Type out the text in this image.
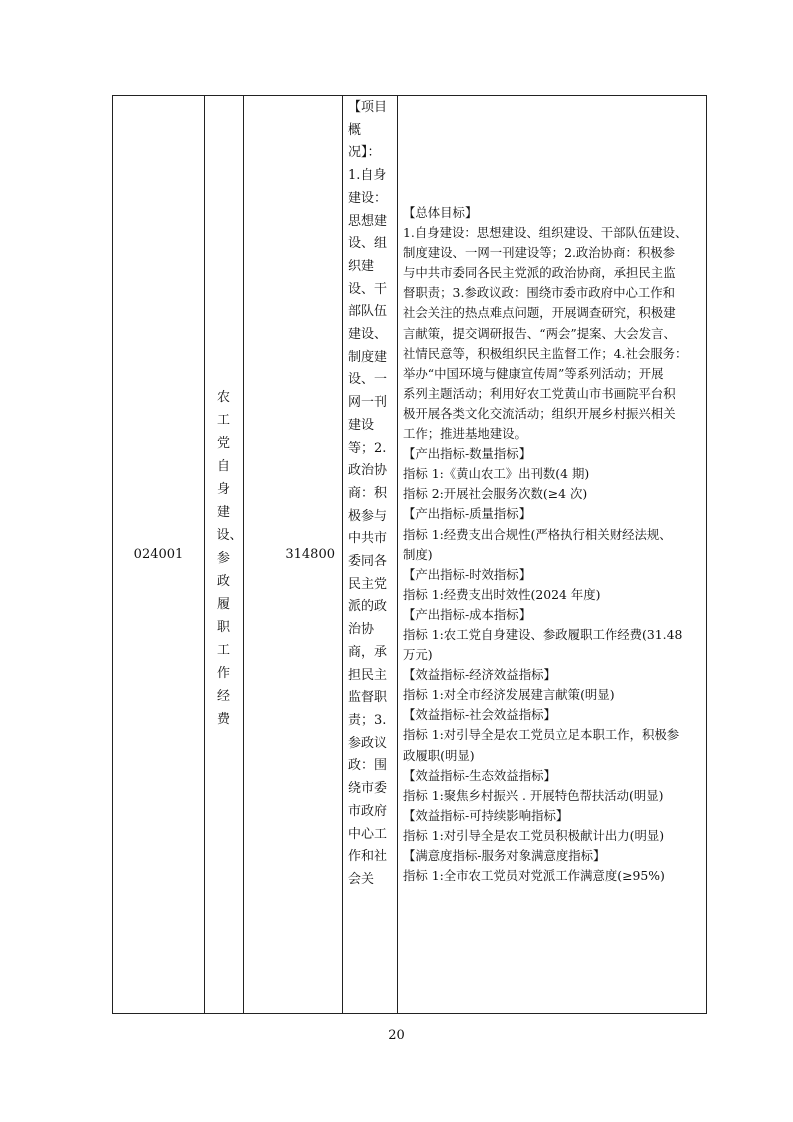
024001
农工党自身建设、参政履职工作经费
314800
【项目概况】：1.自身建设：思想建设、组织建设、干部队伍建设、制度建设、一网一刊建设等；2.政治协商：积极参与中共市委同各民主党派的政治协商，承担民主监督职责；3.参政议政：围绕市委市政府中心工作和社会关
【总体目标】
1.自身建设：思想建设、组织建设、干部队伍建设、
制度建设、一网一刊建设等；2.政治协商：积极参
与中共市委同各民主党派的政治协商，承担民主监
督职责；3.参政议政：围绕市委市政府中心工作和
社会关注的热点难点问题，开展调查研究，积极建
言献策，提交调研报告、“两会”提案、大会发言、
社情民意等，积极组织民主监督工作；4.社会服务：
举办“中国环境与健康宣传周”等系列活动；开展
系列主题活动；利用好农工党黄山市书画院平台积
极开展各类文化交流活动；组织开展乡村振兴相关
工作；推进基地建设。
【产出指标-数量指标】
指标 1:《黄山农工》出刊数(4 期)
指标 2:开展社会服务次数(≥4 次)
【产出指标-质量指标】
指标 1:经费支出合规性(严格执行相关财经法规、
制度)
【产出指标-时效指标】
指标 1:经费支出时效性(2024 年度)
【产出指标-成本指标】
指标 1:农工党自身建设、参政履职工作经费(31.48
万元)
【效益指标-经济效益指标】
指标 1:对全市经济发展建言献策(明显)
【效益指标-社会效益指标】
指标 1:对引导全是农工党员立足本职工作，积极参
政履职(明显)
【效益指标-生态效益指标】
指标 1:聚焦乡村振兴 . 开展特色帮扶活动(明显)
【效益指标-可持续影响指标】
指标 1:对引导全是农工党员积极献计出力(明显)
【满意度指标-服务对象满意度指标】
指标 1:全市农工党员对党派工作满意度(≥95%)
20
